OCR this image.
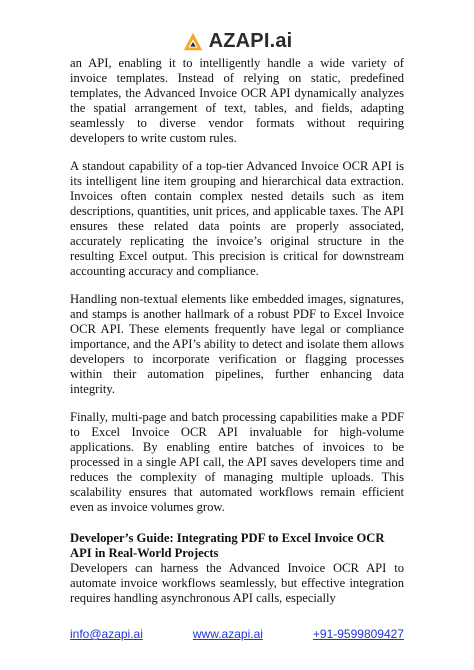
AZAPI.ai

an API, enabling it to intelligently handle a wide variety of invoice templates. Instead of relying on static, predefined templates, the Advanced Invoice OCR API dynamically analyzes the spatial arrangement of text, tables, and fields, adapting seamlessly to diverse vendor formats without requiring developers to write custom rules.

A standout capability of a top-tier Advanced Invoice OCR API is its intelligent line item grouping and hierarchical data extraction. Invoices often contain complex nested details such as item descriptions, quantities, unit prices, and applicable taxes. The API ensures these related data points are properly associated, accurately replicating the invoice’s original structure in the resulting Excel output. This precision is critical for downstream accounting accuracy and compliance.

Handling non-textual elements like embedded images, signatures, and stamps is another hallmark of a robust PDF to Excel Invoice OCR API. These elements frequently have legal or compliance importance, and the API’s ability to detect and isolate them allows developers to incorporate verification or flagging processes within their automation pipelines, further enhancing data integrity.

Finally, multi-page and batch processing capabilities make a PDF to Excel Invoice OCR API invaluable for high-volume applications. By enabling entire batches of invoices to be processed in a single API call, the API saves developers time and reduces the complexity of managing multiple uploads. This scalability ensures that automated workflows remain efficient even as invoice volumes grow.

Developer’s Guide: Integrating PDF to Excel Invoice OCR API in Real-World Projects

Developers can harness the Advanced Invoice OCR API to automate invoice workflows seamlessly, but effective integration requires handling asynchronous API calls, especially

info@azapi.ai	www.azapi.ai	+91-9599809427
